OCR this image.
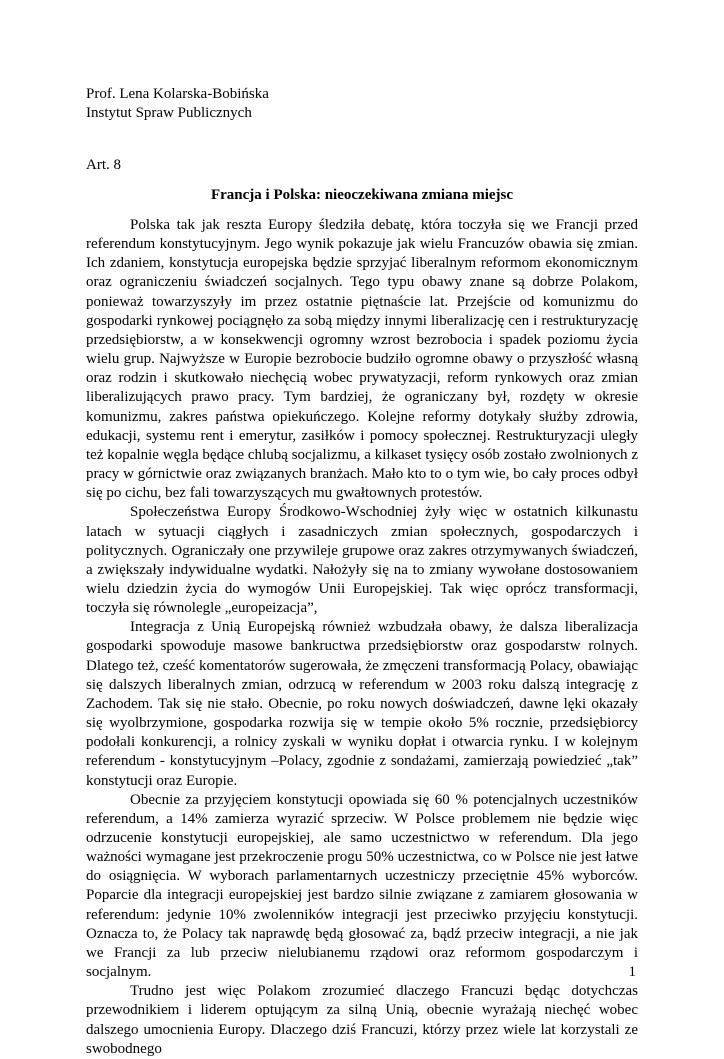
Prof. Lena Kolarska-Bobińska
Instytut Spraw Publicznych
Art. 8
Francja i Polska: nieoczekiwana zmiana miejsc

Polska tak jak reszta Europy śledziła debatę, która toczyła się we Francji przed referendum konstytucyjnym. Jego wynik pokazuje jak wielu Francuzów obawia się zmian. Ich zdaniem, konstytucja europejska będzie sprzyjać liberalnym reformom ekonomicznym oraz ograniczeniu świadczeń socjalnych. Tego typu obawy znane są dobrze Polakom, ponieważ towarzyszyły im przez ostatnie piętnaście lat. Przejście od komunizmu do gospodarki rynkowej pociągnęło za sobą między innymi liberalizację cen i restrukturyzację przedsiębiorstw, a w konsekwencji ogromny wzrost bezrobocia i spadek poziomu życia wielu grup. Najwyższe w Europie bezrobocie budziło ogromne obawy o przyszłość własną oraz rodzin i skutkowało niechęcią wobec prywatyzacji, reform rynkowych oraz zmian liberalizujących prawo pracy. Tym bardziej, że ograniczany był, rozdęty w okresie komunizmu, zakres państwa opiekuńczego. Kolejne reformy dotykały służby zdrowia, edukacji, systemu rent i emerytur, zasiłków i pomocy społecznej. Restrukturyzacji uległy też kopalnie węgla będące chlubą socjalizmu, a kilkaset tysięcy osób zostało zwolnionych z pracy w górnictwie oraz związanych branżach. Mało kto to o tym wie, bo cały proces odbył się po cichu, bez fali towarzyszących mu gwałtownych protestów.

Społeczeństwa Europy Środkowo-Wschodniej żyły więc w ostatnich kilkunastu latach w sytuacji ciągłych i zasadniczych zmian społecznych, gospodarczych i politycznych. Ograniczały one przywileje grupowe oraz zakres otrzymywanych świadczeń, a zwiększały indywidualne wydatki. Nałożyły się na to zmiany wywołane dostosowaniem wielu dziedzin życia do wymogów Unii Europejskiej. Tak więc oprócz transformacji, toczyła się równolegle „europeizacja”,

Integracja z Unią Europejską również wzbudzała obawy, że dalsza liberalizacja gospodarki spowoduje masowe bankructwa przedsiębiorstw oraz gospodarstw rolnych. Dlatego też, cześć komentatorów sugerowała, że zmęczeni transformacją Polacy, obawiając się dalszych liberalnych zmian, odrzucą w referendum w 2003 roku dalszą integrację z Zachodem. Tak się nie stało. Obecnie, po roku nowych doświadczeń, dawne lęki okazały się wyolbrzymione, gospodarka rozwija się w tempie około 5% rocznie, przedsiębiorcy podołali konkurencji, a rolnicy zyskali w wyniku dopłat i otwarcia rynku. I w kolejnym referendum - konstytucyjnym –Polacy, zgodnie z sondażami, zamierzają powiedzieć „tak” konstytucji oraz Europie.

Obecnie za przyjęciem konstytucji opowiada się 60 % potencjalnych uczestników referendum, a 14% zamierza wyrazić sprzeciw. W Polsce problemem nie będzie więc odrzucenie konstytucji europejskiej, ale samo uczestnictwo w referendum. Dla jego ważności wymagane jest przekroczenie progu 50% uczestnictwa, co w Polsce nie jest łatwe do osiągnięcia. W wyborach parlamentarnych uczestniczy przeciętnie 45% wyborców. Poparcie dla integracji europejskiej jest bardzo silnie związane z zamiarem głosowania w referendum: jedynie 10% zwolenników integracji jest przeciwko przyjęciu konstytucji. Oznacza to, że Polacy tak naprawdę będą głosować za, bądź przeciw integracji, a nie jak we Francji za lub przeciw nielubianemu rządowi oraz reformom gospodarczym i socjalnym.

Trudno jest więc Polakom zrozumieć dlaczego Francuzi będąc dotychczas przewodnikiem i liderem optującym za silną Unią, obecnie wyrażają niechęć wobec dalszego umocnienia Europy. Dlaczego dziś Francuzi, którzy przez wiele lat korzystali ze swobodnego

1
